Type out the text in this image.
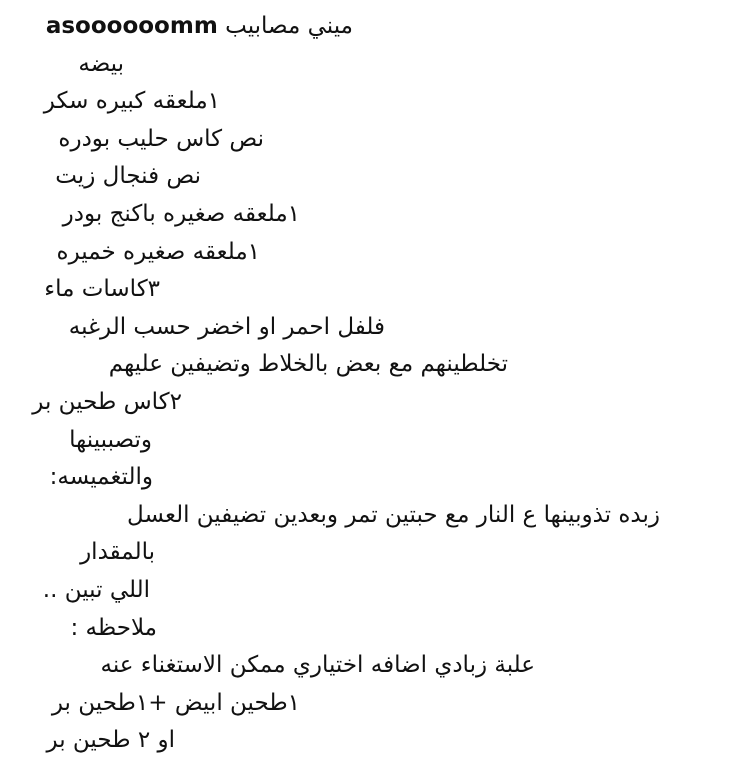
asoooooomm ميني مصابيب
بيضه
١ملعقه كبيره سكر
نص كاس حليب بودره
نص فنجال زيت
١ملعقه صغيره باكنج بودر
١ملعقه صغيره خميره
٣كاسات ماء
فلفل احمر او اخضر حسب الرغبه
تخلطينهم مع بعض بالخلاط وتضيفين عليهم
٢كاس طحين بر
وتصببينها
والتغميسه:
زبده تذوبينها ع النار مع حبتين تمر وبعدين تضيفين العسل
بالمقدار
اللي تبين ..
ملاحظه :
علبة زبادي اضافه اختياري ممكن الاستغناء عنه
١طحين ابيض +١طحين بر
او ٢ طحين بر
